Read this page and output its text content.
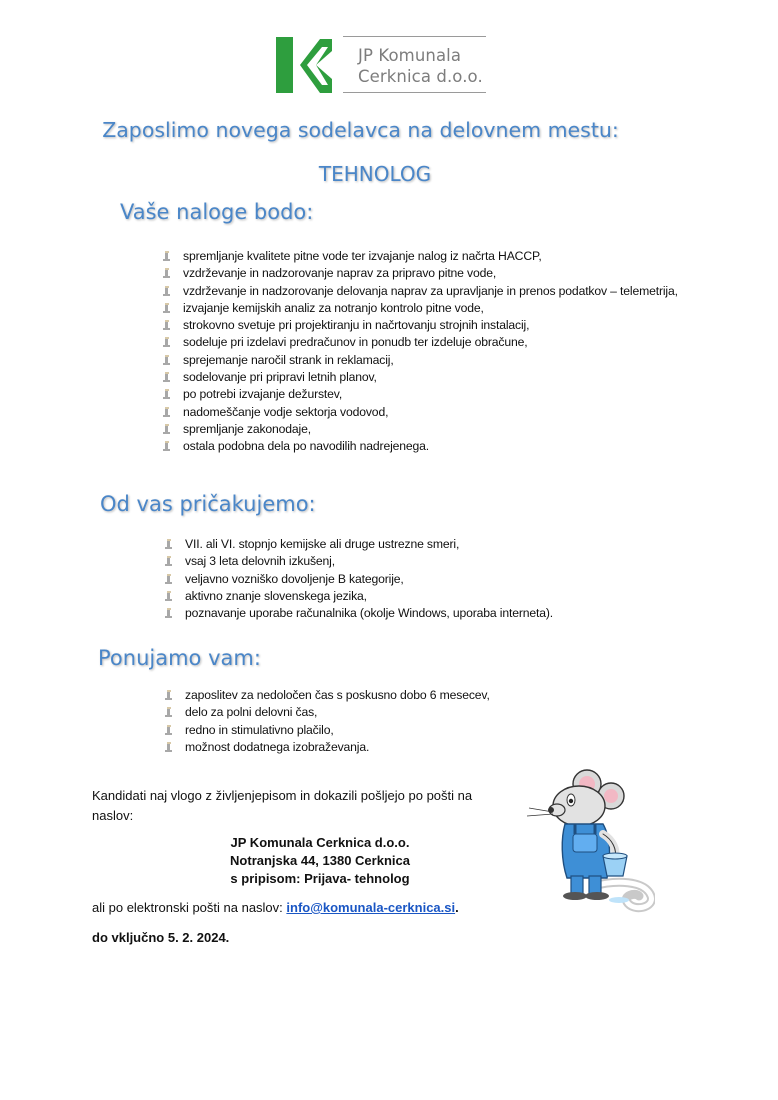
JP Komunala
Cerknica d.o.o.
Zaposlimo novega sodelavca na delovnem mestu:
TEHNOLOG
Vaše naloge bodo:
spremljanje kvalitete pitne vode ter izvajanje nalog iz načrta HACCP,
vzdrževanje in nadzorovanje naprav za pripravo pitne vode,
vzdrževanje in nadzorovanje delovanja naprav za upravljanje in prenos podatkov – telemetrija,
izvajanje kemijskih analiz za notranjo kontrolo pitne vode,
strokovno svetuje pri projektiranju in načrtovanju strojnih instalacij,
sodeluje pri izdelavi predračunov in ponudb ter izdeluje obračune,
sprejemanje naročil strank in reklamacij,
sodelovanje pri pripravi letnih planov,
po potrebi izvajanje dežurstev,
nadomeščanje vodje sektorja vodovod,
spremljanje zakonodaje,
ostala podobna dela po navodilih nadrejenega.
Od vas pričakujemo:
VII. ali VI. stopnjo kemijske ali druge ustrezne smeri,
vsaj 3 leta delovnih izkušenj,
veljavno vozniško dovoljenje B kategorije,
aktivno znanje slovenskega jezika,
poznavanje uporabe računalnika (okolje Windows, uporaba interneta).
Ponujamo vam:
zaposlitev za nedoločen čas s poskusno dobo 6 mesecev,
delo za polni delovni čas,
redno in stimulativno plačilo,
možnost dodatnega izobraževanja.
Kandidati naj vlogo z življenjepisom in dokazili pošljejo po pošti na naslov:
JP Komunala Cerknica d.o.o.
Notranjska 44, 1380 Cerknica
s pripisom: Prijava- tehnolog
ali po elektronski pošti na naslov: info@komunala-cerknica.si.
do vključno 5. 2. 2024.
